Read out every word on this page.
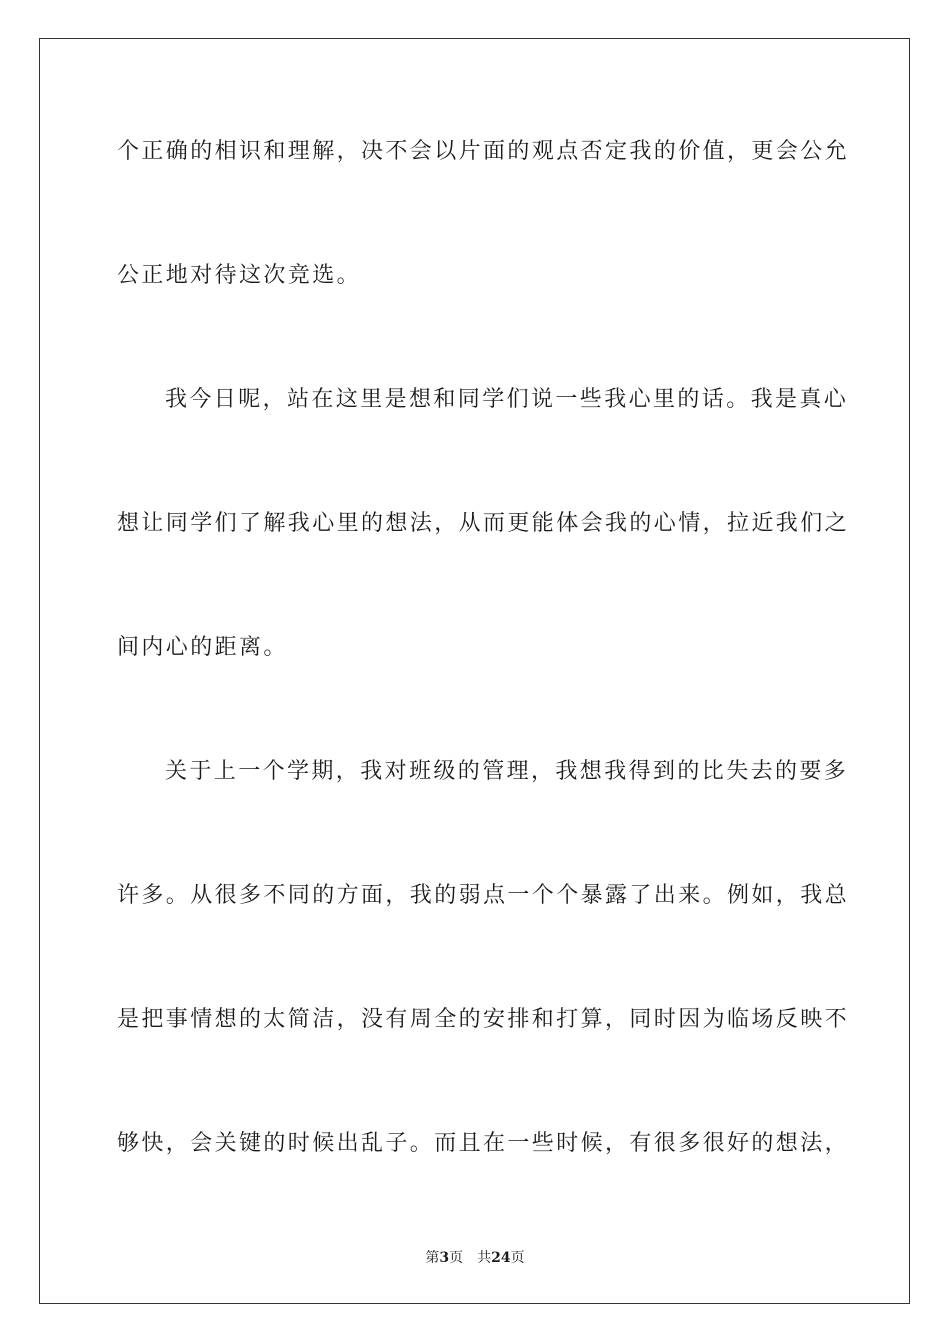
个正确的相识和理解，决不会以片面的观点否定我的价值，更会公允
公正地对待这次竞选。
我今日呢，站在这里是想和同学们说一些我心里的话。我是真心
想让同学们了解我心里的想法，从而更能体会我的心情，拉近我们之
间内心的距离。
关于上一个学期，我对班级的管理，我想我得到的比失去的要多
许多。从很多不同的方面，我的弱点一个个暴露了出来。例如，我总
是把事情想的太简洁，没有周全的安排和打算，同时因为临场反映不
够快，会关键的时候出乱子。而且在一些时候，有很多很好的想法，
第3页 共24页
